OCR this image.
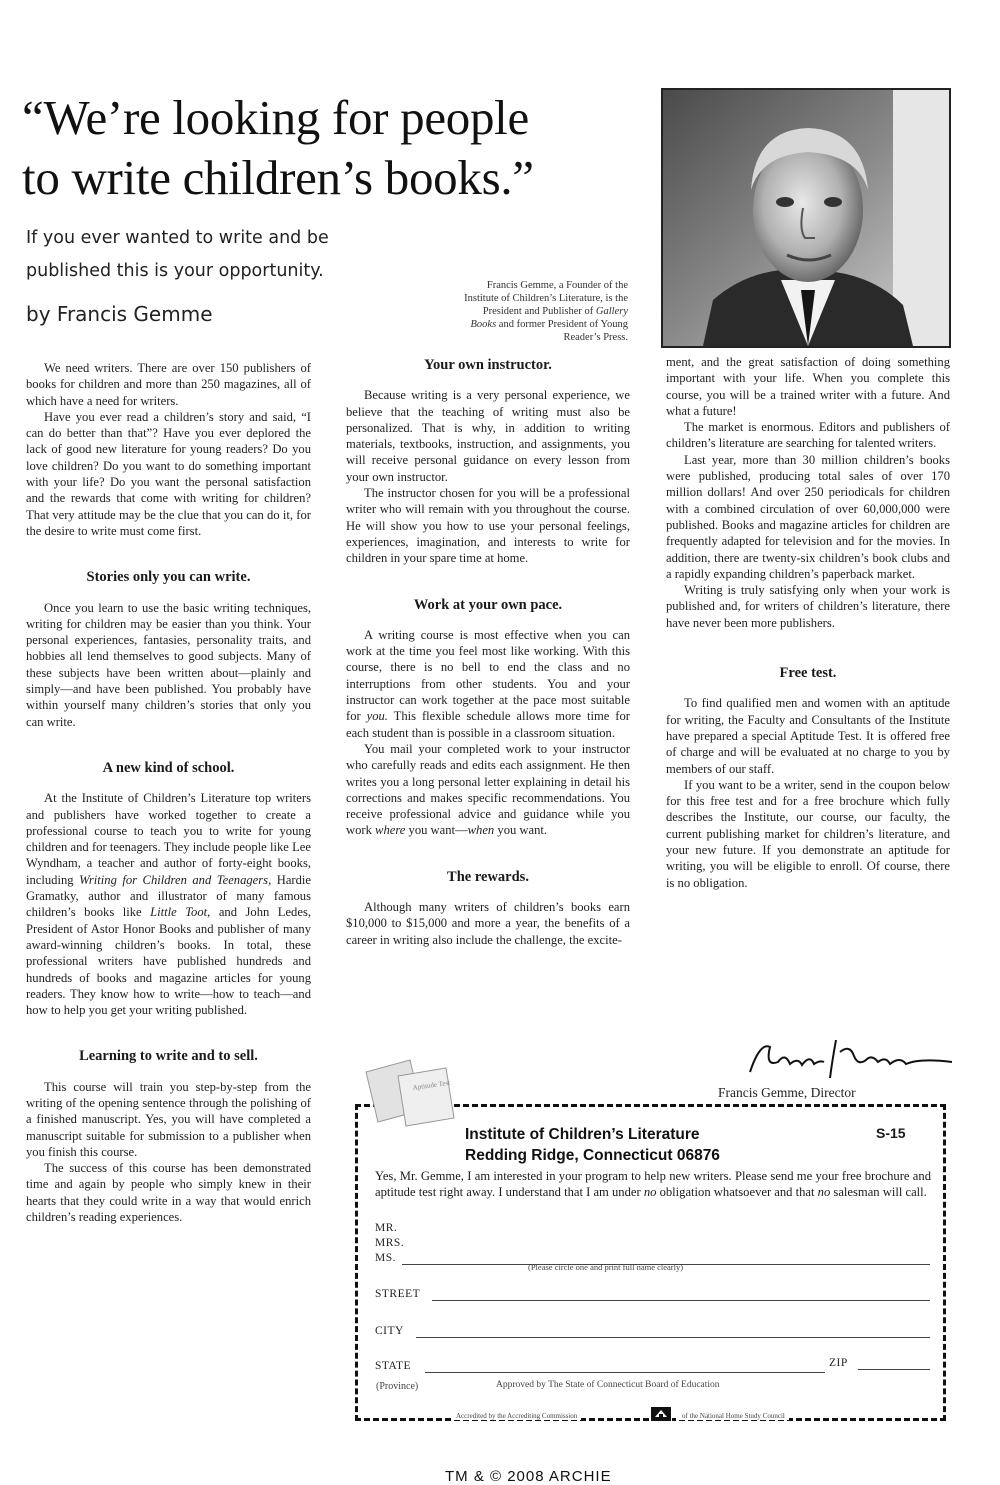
“We’re looking for people
to write children’s books.”
If you ever wanted to write and be
published this is your opportunity.
by Francis Gemme
Francis Gemme, a Founder of the
Institute of Children’s Literature, is the
President and Publisher of Gallery
Books and former President of Young
Reader’s Press.

We need writers. There are over 150 publishers of books for children and more than 250 magazines, all of which have a need for writers.

Have you ever read a children’s story and said, “I can do better than that”? Have you ever deplored the lack of good new literature for young readers? Do you love children? Do you want to do something important with your life? Do you want the personal satisfaction and the rewards that come with writing for children? That very attitude may be the clue that you can do it, for the desire to write must come first.

Stories only you can write.

Once you learn to use the basic writing techniques, writing for children may be easier than you think. Your personal experiences, fantasies, personality traits, and hobbies all lend themselves to good subjects. Many of these subjects have been written about—plainly and simply—and have been published. You probably have within yourself many children’s stories that only you can write.

A new kind of school.

At the Institute of Children’s Literature top writers and publishers have worked together to create a professional course to teach you to write for young children and for teenagers. They include people like Lee Wyndham, a teacher and author of forty-eight books, including Writing for Children and Teenagers, Hardie Gramatky, author and illustrator of many famous children’s books like Little Toot, and John Ledes, President of Astor Honor Books and publisher of many award-winning children’s books. In total, these professional writers have published hundreds and hundreds of books and magazine articles for young readers. They know how to write—how to teach—and how to help you get your writing published.

Learning to write and to sell.

This course will train you step-by-step from the writing of the opening sentence through the polishing of a finished manuscript. Yes, you will have completed a manuscript suitable for submission to a publisher when you finish this course.

The success of this course has been demonstrated time and again by people who simply knew in their hearts that they could write in a way that would enrich children’s reading experiences.

Your own instructor.

Because writing is a very personal experience, we believe that the teaching of writing must also be personalized. That is why, in addition to writing materials, textbooks, instruction, and assignments, you will receive personal guidance on every lesson from your own instructor.

The instructor chosen for you will be a professional writer who will remain with you throughout the course. He will show you how to use your personal feelings, experiences, imagination, and interests to write for children in your spare time at home.

Work at your own pace.

A writing course is most effective when you can work at the time you feel most like working. With this course, there is no bell to end the class and no interruptions from other students. You and your instructor can work together at the pace most suitable for you. This flexible schedule allows more time for each student than is possible in a classroom situation.

You mail your completed work to your instructor who carefully reads and edits each assignment. He then writes you a long personal letter explaining in detail his corrections and makes specific recommendations. You receive professional advice and guidance while you work where you want—when you want.

The rewards.

Although many writers of children’s books earn $10,000 to $15,000 and more a year, the benefits of a career in writing also include the challenge, the excite-

ment, and the great satisfaction of doing something important with your life. When you complete this course, you will be a trained writer with a future. And what a future!

The market is enormous. Editors and publishers of children’s literature are searching for talented writers.

Last year, more than 30 million children’s books were published, producing total sales of over 170 million dollars! And over 250 periodicals for children with a combined circulation of over 60,000,000 were published. Books and magazine articles for children are frequently adapted for television and for the movies. In addition, there are twenty-six children’s book clubs and a rapidly expanding children’s paperback market.

Writing is truly satisfying only when your work is published and, for writers of children’s literature, there have never been more publishers.

Free test.

To find qualified men and women with an aptitude for writing, the Faculty and Consultants of the Institute have prepared a special Aptitude Test. It is offered free of charge and will be evaluated at no charge to you by members of our staff.

If you want to be a writer, send in the coupon below for this free test and for a free brochure which fully describes the Institute, our course, our faculty, the current publishing market for children’s literature, and your new future. If you demonstrate an aptitude for writing, you will be eligible to enroll. Of course, there is no obligation.

Francis Gemme, Director
Aptitude Test
Institute of Children’s Literature
Redding Ridge, Connecticut 06876
S-15
Yes, Mr. Gemme, I am interested in your program to help new writers. Please send me your free brochure and aptitude test right away. I understand that I am under no obligation whatsoever and that no salesman will call.
MR.
MRS.
MS.
(Please circle one and print full name clearly)
STREET
CITY
STATE	ZIP
(Province)	Approved by The State of Connecticut Board of Education
Accredited by the Accrediting Commission	of the National Home Study Council
TM & © 2008 ARCHIE
